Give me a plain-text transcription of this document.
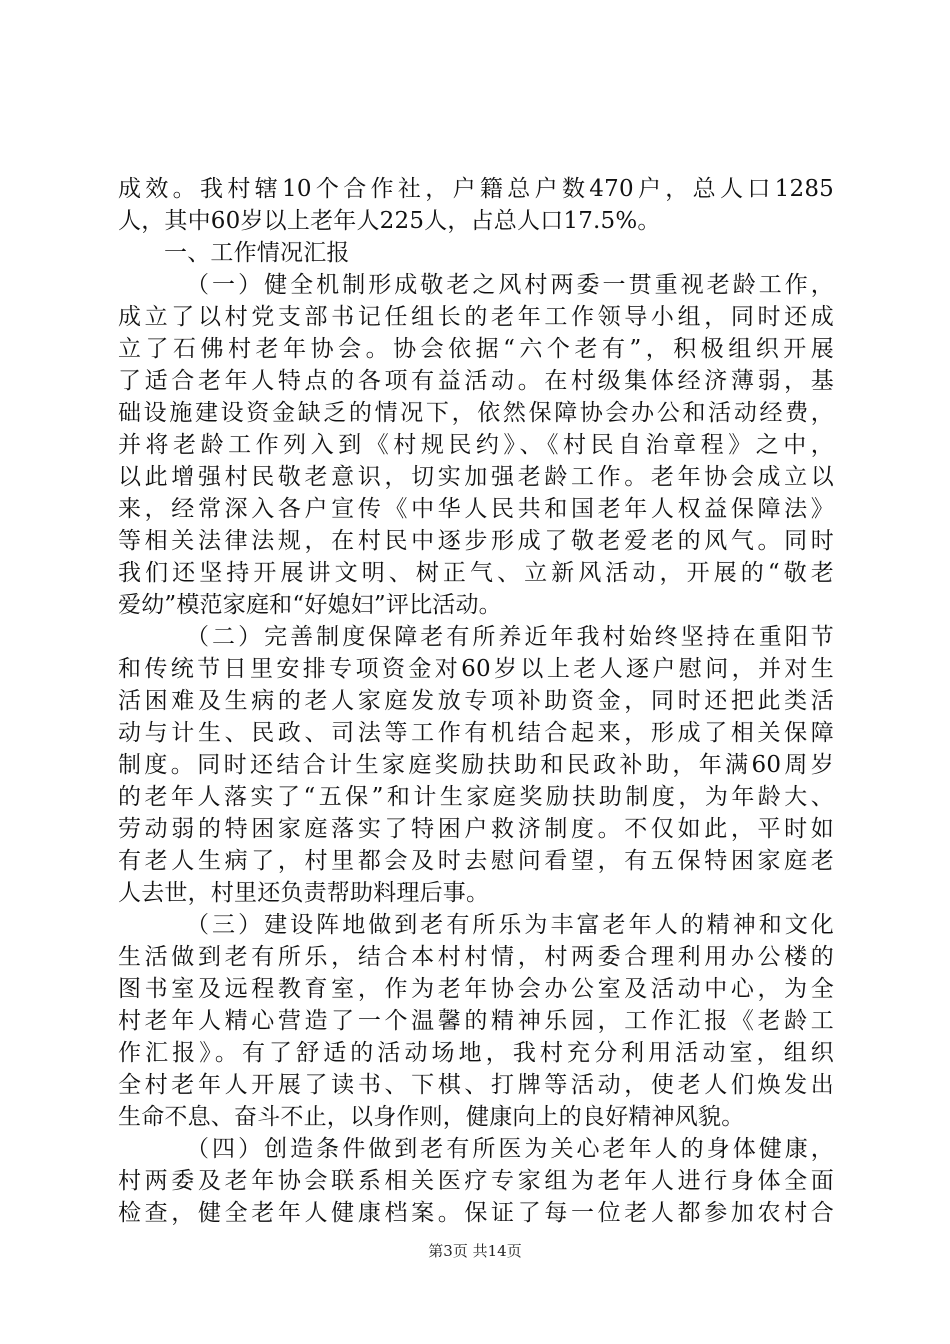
成效。我村辖10个合作社，户籍总户数470户，总人口1285
人，其中60岁以上老年人225人，占总人口17.5%。
一、工作情况汇报
（一）健全机制形成敬老之风村两委一贯重视老龄工作，
成立了以村党支部书记任组长的老年工作领导小组，同时还成
立了石佛村老年协会。协会依据“六个老有”，积极组织开展
了适合老年人特点的各项有益活动。在村级集体经济薄弱，基
础设施建设资金缺乏的情况下，依然保障协会办公和活动经费，
并将老龄工作列入到《村规民约》、《村民自治章程》之中，
以此增强村民敬老意识，切实加强老龄工作。老年协会成立以
来，经常深入各户宣传《中华人民共和国老年人权益保障法》
等相关法律法规，在村民中逐步形成了敬老爱老的风气。同时
我们还坚持开展讲文明、树正气、立新风活动，开展的“敬老
爱幼”模范家庭和“好媳妇”评比活动。
（二）完善制度保障老有所养近年我村始终坚持在重阳节
和传统节日里安排专项资金对60岁以上老人逐户慰问，并对生
活困难及生病的老人家庭发放专项补助资金，同时还把此类活
动与计生、民政、司法等工作有机结合起来，形成了相关保障
制度。同时还结合计生家庭奖励扶助和民政补助，年满60周岁
的老年人落实了“五保”和计生家庭奖励扶助制度，为年龄大、
劳动弱的特困家庭落实了特困户救济制度。不仅如此，平时如
有老人生病了，村里都会及时去慰问看望，有五保特困家庭老
人去世，村里还负责帮助料理后事。
（三）建设阵地做到老有所乐为丰富老年人的精神和文化
生活做到老有所乐，结合本村村情，村两委合理利用办公楼的
图书室及远程教育室，作为老年协会办公室及活动中心，为全
村老年人精心营造了一个温馨的精神乐园，工作汇报《老龄工
作汇报》。有了舒适的活动场地，我村充分利用活动室，组织
全村老年人开展了读书、下棋、打牌等活动，使老人们焕发出
生命不息、奋斗不止，以身作则，健康向上的良好精神风貌。
（四）创造条件做到老有所医为关心老年人的身体健康，
村两委及老年协会联系相关医疗专家组为老年人进行身体全面
检查，健全老年人健康档案。保证了每一位老人都参加农村合
第3页 共14页
